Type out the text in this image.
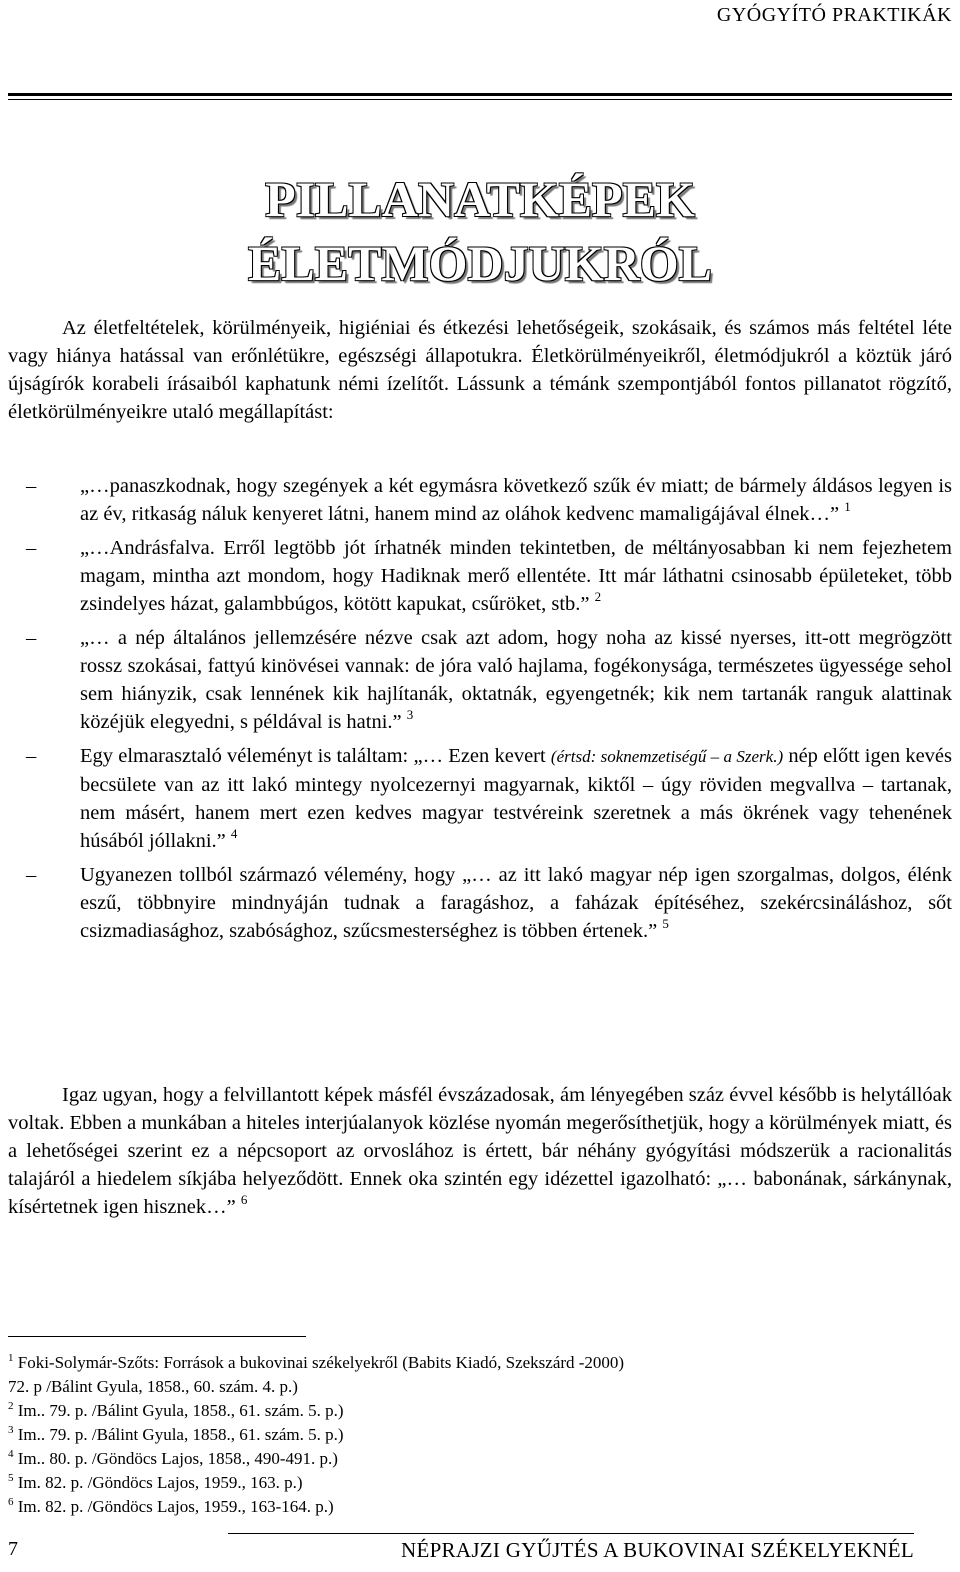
GYÓGYÍTÓ PRAKTIKÁK
PILLANATKÉPEK
ÉLETMÓDJUKRÓL

Az életfeltételek, körülményeik, higiéniai és étkezési lehetőségeik, szokásaik, és számos más feltétel léte vagy hiánya hatással van erőnlétükre, egészségi állapotukra. Életkörülményeikről, életmódjukról a köztük járó újságírók korabeli írásaiból kaphatunk némi ízelítőt. Lássunk a témánk szempontjából fontos pillanatot rögzítő, életkörülményeikre utaló megállapítást:

– „…panaszkodnak, hogy szegények a két egymásra következő szűk év miatt; de bármely áldásos legyen is az év, ritkaság náluk kenyeret látni, hanem mind az oláhok kedvenc mamaligájával élnek…” $^1$
– „…Andrásfalva. Erről legtöbb jót írhatnék minden tekintetben, de méltányosabban ki nem fejezhetem magam, mintha azt mondom, hogy Hadiknak merő ellentéte. Itt már láthatni csinosabb épületeket, több zsindelyes házat, galambbúgos, kötött kapukat, csűröket, stb.” $^2$
– „… a nép általános jellemzésére nézve csak azt adom, hogy noha az kissé nyerses, itt-ott megrögzött rossz szokásai, fattyú kinövései vannak: de jóra való hajlama, fogékonysága, természetes ügyessége sehol sem hiányzik, csak lennének kik hajlítanák, oktatnák, egyengetnék; kik nem tartanák ranguk alattinak közéjük elegyedni, s példával is hatni.” $^3$
– Egy elmarasztaló véleményt is találtam: „… Ezen kevert (értsd: soknemzetiségű – a Szerk.) nép előtt igen kevés becsülete van az itt lakó mintegy nyolcezernyi magyarnak, kiktől – úgy röviden megvallva – tartanak, nem másért, hanem mert ezen kedves magyar testvéreink szeretnek a más ökrének vagy tehenének húsából jóllakni.” $^4$
– Ugyanezen tollból származó vélemény, hogy „… az itt lakó magyar nép igen szorgalmas, dolgos, élénk eszű, többnyire mindnyáján tudnak a faragáshoz, a faházak építéséhez, szekércsináláshoz, sőt csizmadiasághoz, szabósághoz, szűcsmesterséghez is többen értenek.” $^5$

Igaz ugyan, hogy a felvillantott képek másfél évszázadosak, ám lényegében száz évvel később is helytállóak voltak. Ebben a munkában a hiteles interjúalanyok közlése nyomán megerősíthetjük, hogy a körülmények miatt, és a lehetőségei szerint ez a népcsoport az orvoslához is értett, bár néhány gyógyítási módszerük a racionalitás talajáról a hiedelem síkjába helyeződött. Ennek oka szintén egy idézettel igazolható: „… babonának, sárkánynak, kísértetnek igen hisznek…” $^6$

$^1$ Foki-Solymár-Szőts: Források a bukovinai székelyekről (Babits Kiadó, Szekszárd -2000)
72. p /Bálint Gyula, 1858., 60. szám. 4. p.)
$^2$ Im.. 79. p. /Bálint Gyula, 1858., 61. szám. 5. p.)
$^3$ Im.. 79. p. /Bálint Gyula, 1858., 61. szám. 5. p.)
$^4$ Im.. 80. p. /Göndöcs Lajos, 1858., 490-491. p.)
$^5$ Im. 82. p. /Göndöcs Lajos, 1959., 163. p.)
$^6$ Im. 82. p. /Göndöcs Lajos, 1959., 163-164. p.)
7	NÉPRAJZI GYŰJTÉS A BUKOVINAI SZÉKELYEKNÉL
